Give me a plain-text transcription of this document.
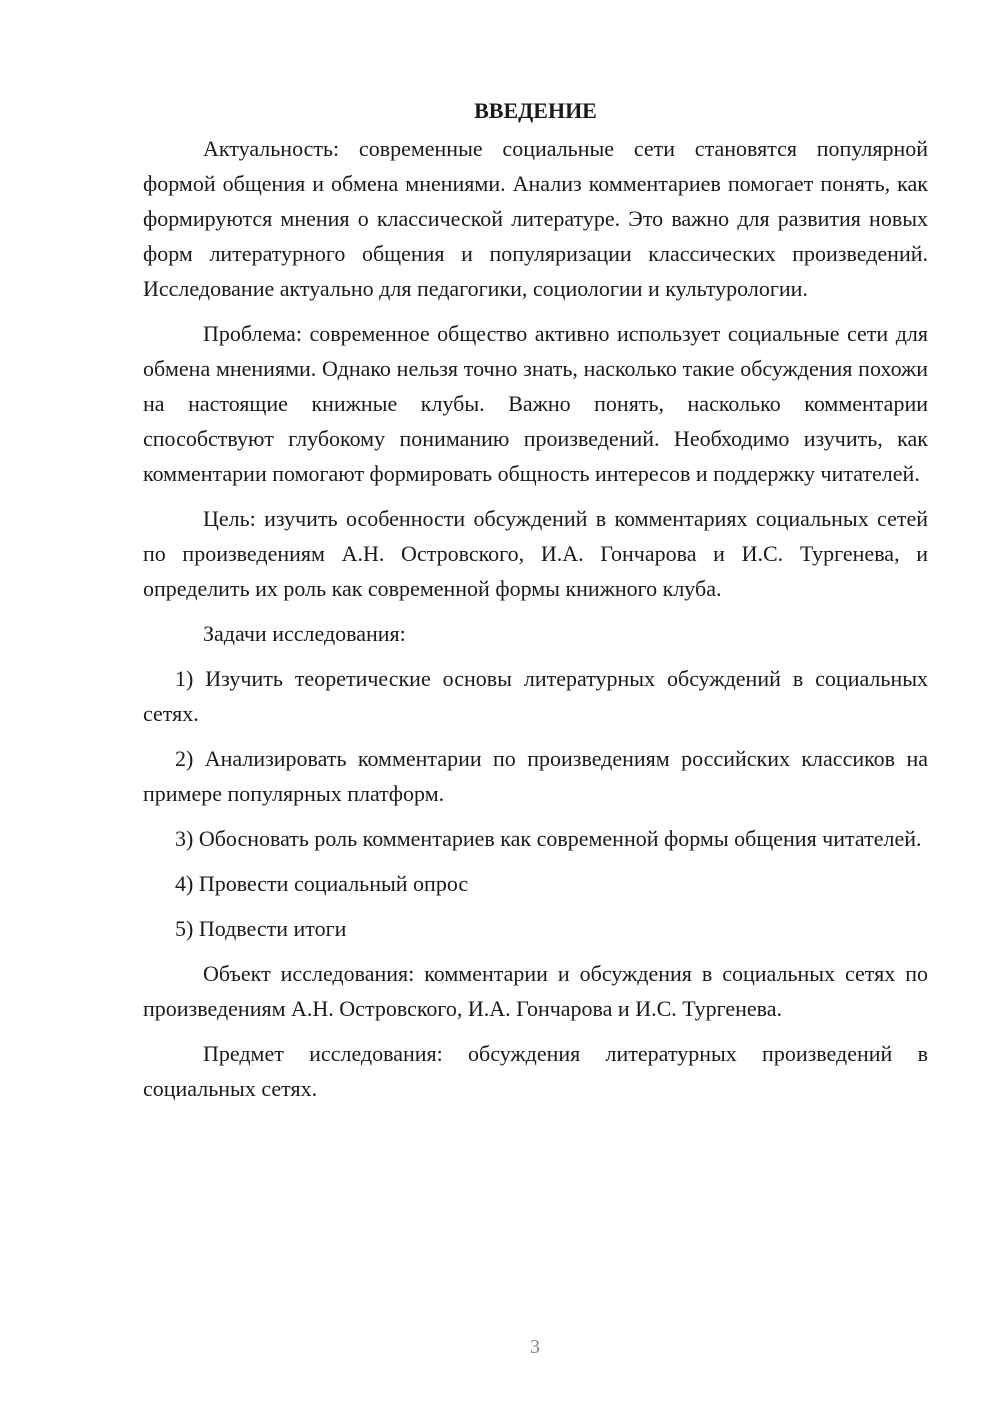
ВВЕДЕНИЕ

Актуальность: современные социальные сети становятся популярной формой общения и обмена мнениями. Анализ комментариев помогает понять, как формируются мнения о классической литературе. Это важно для развития новых форм литературного общения и популяризации классических произведений. Исследование актуально для педагогики, социологии и культурологии.

Проблема: современное общество активно использует социальные сети для обмена мнениями. Однако нельзя точно знать, насколько такие обсуждения похожи на настоящие книжные клубы. Важно понять, насколько комментарии способствуют глубокому пониманию произведений. Необходимо изучить, как комментарии помогают формировать общность интересов и поддержку читателей.

Цель: изучить особенности обсуждений в комментариях социальных сетей по произведениям А.Н. Островского, И.А. Гончарова и И.С. Тургенева, и определить их роль как современной формы книжного клуба.

Задачи исследования:

1) Изучить теоретические основы литературных обсуждений в социальных сетях.

2) Анализировать комментарии по произведениям российских классиков на примере популярных платформ.

3) Обосновать роль комментариев как современной формы общения читателей.

4) Провести социальный опрос

5) Подвести итоги

Объект исследования: комментарии и обсуждения в социальных сетях по произведениям А.Н. Островского, И.А. Гончарова и И.С. Тургенева.

Предмет исследования: обсуждения литературных произведений в социальных сетях.

3
